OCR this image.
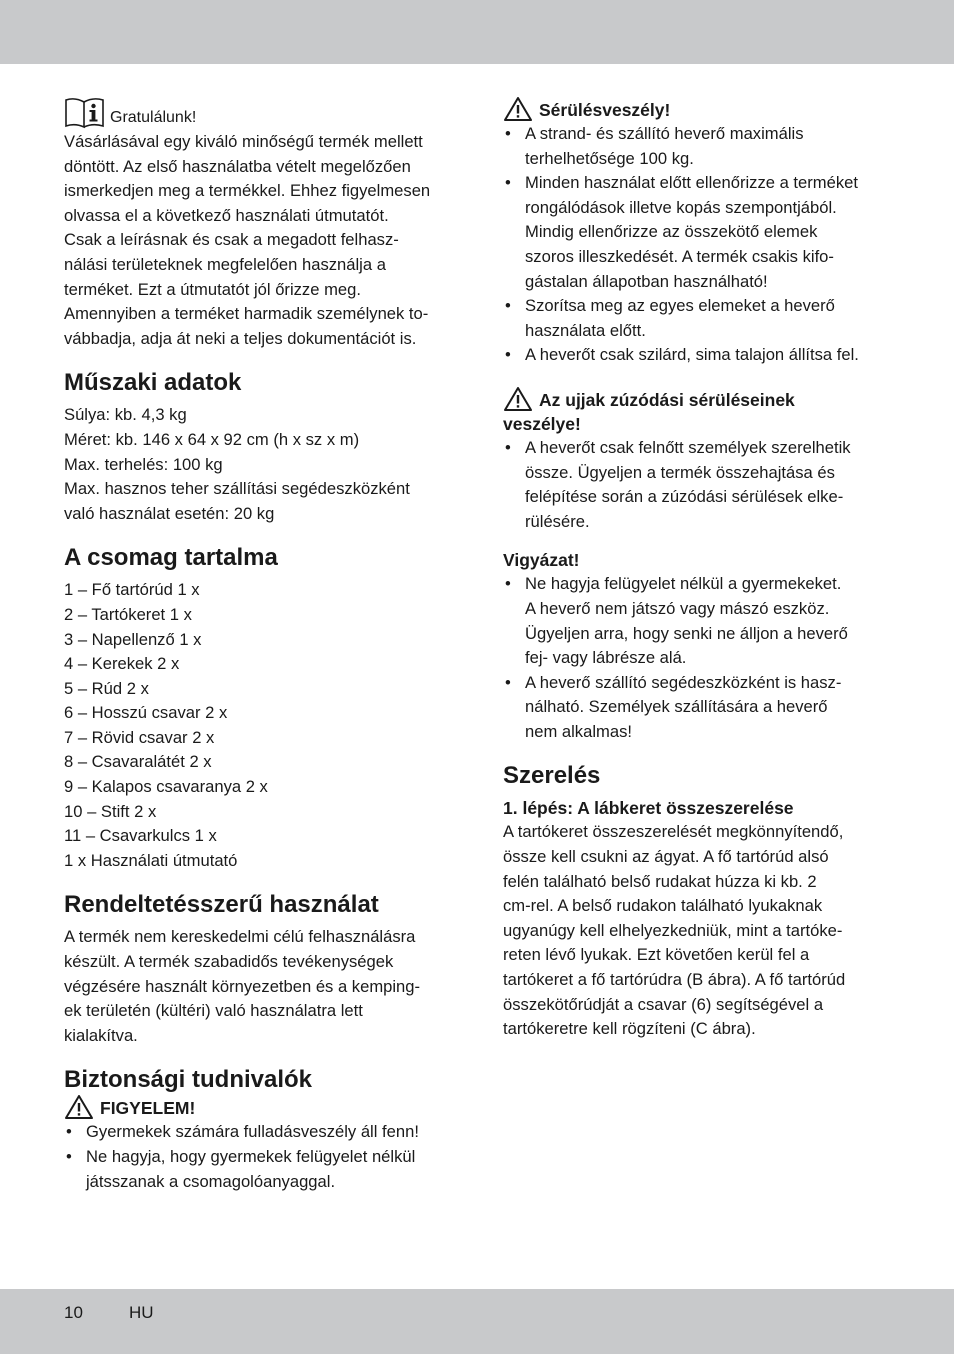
Gratulálunk!
Vásárlásával egy kiváló minőségű termék mellett
döntött. Az első használatba vételt megelőzően
ismerkedjen meg a termékkel. Ehhez figyelmesen
olvassa el a következő használati útmutatót.
Csak a leírásnak és csak a megadott felhasz-
nálási területeknek megfelelően használja a
terméket. Ezt a útmutatót jól őrizze meg.
Amennyiben a terméket harmadik személynek to-
vábbadja, adja át neki a teljes dokumentációt is.
Műszaki adatok
Súlya: kb. 4,3 kg
Méret: kb. 146 x 64 x 92 cm (h x sz x m)
Max. terhelés: 100 kg
Max. hasznos teher szállítási segédeszközként
való használat esetén: 20 kg
A csomag tartalma
1 – Fő tartórúd 1 x
2 – Tartókeret 1 x
3 – Napellenző 1 x
4 – Kerekek 2 x
5 – Rúd 2 x
6 – Hosszú csavar 2 x
7 – Rövid csavar 2 x
8 – Csavaralátét 2 x
9 – Kalapos csavaranya 2 x
10 – Stift 2 x
11 – Csavarkulcs 1 x
1 x Használati útmutató
Rendeltetésszerű használat
A termék nem kereskedelmi célú felhasználásra
készült. A termék szabadidős tevékenységek
végzésére használt környezetben és a kemping-
ek területén (kültéri) való használatra lett
kialakítva.
Biztonsági tudnivalók
FIGYELEM!
• Gyermekek számára fulladásveszély áll fenn!
• Ne hagyja, hogy gyermekek felügyelet nélkül
játsszanak a csomagolóanyaggal.
Sérülésveszély!
• A strand- és szállító heverő maximális
terhelhetősége 100 kg.
• Minden használat előtt ellenőrizze a terméket
rongálódások illetve kopás szempontjából.
Mindig ellenőrizze az összekötő elemek
szoros illeszkedését. A termék csakis kifo-
gástalan állapotban használható!
• Szorítsa meg az egyes elemeket a heverő
használata előtt.
• A heverőt csak szilárd, sima talajon állítsa fel.
Az ujjak zúzódási sérüléseinek
veszélye!
• A heverőt csak felnőtt személyek szerelhetik
össze. Ügyeljen a termék összehajtása és
felépítése során a zúzódási sérülések elke-
rülésére.
Vigyázat!
• Ne hagyja felügyelet nélkül a gyermekeket.
A heverő nem játszó vagy mászó eszköz.
Ügyeljen arra, hogy senki ne álljon a heverő
fej- vagy lábrésze alá.
• A heverő szállító segédeszközként is hasz-
nálható. Személyek szállítására a heverő
nem alkalmas!
Szerelés
1. lépés: A lábkeret összeszerelése
A tartókeret összeszerelését megkönnyítendő,
össze kell csukni az ágyat. A fő tartórúd alsó
felén található belső rudakat húzza ki kb. 2
cm-rel. A belső rudakon található lyukaknak
ugyanúgy kell elhelyezkedniük, mint a tartóke-
reten lévő lyukak. Ezt követően kerül fel a
tartókeret a fő tartórúdra (B ábra). A fő tartórúd
összekötőrúdját a csavar (6) segítségével a
tartókeretre kell rögzíteni (C ábra).
10	HU
